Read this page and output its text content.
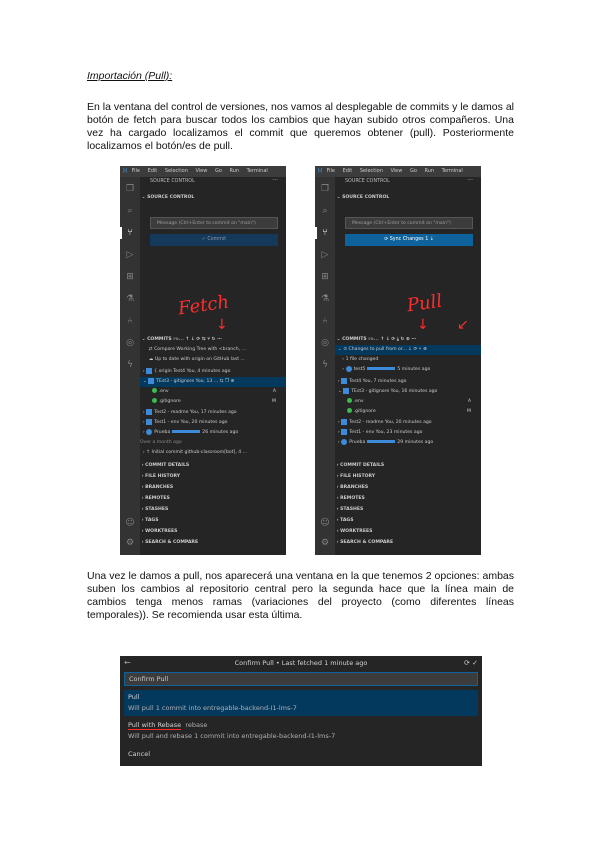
Importación (Pull):
En la ventana del control de versiones, nos vamos al desplegable de commits y le damos al botón de fetch para buscar todos los cambios que hayan subido otros compañeros. Una vez ha cargado localizamos el commit que queremos obtener (pull). Posteriormente localizamos el botón/es de pull.
⟩⟨ File Edit Selection View Go Run Terminal
❐
⌕
⑂
▷
⊞
⚗
⑃
◎
ϟ
☺
⚙
SOURCE CONTROL	···
⌄ SOURCE CONTROL
Message (Ctrl+Enter to commit on "main")
✓ Commit
Fetch
↓
⌄ COMMITS ro... ↑ ↓ ⟳ ⇆ ⑂ ↻ ⋯
⇄ Compare Working Tree with <branch, ...
☁ Up to date with origin on GitHub last ...
› { origin Test4 You, 4 minutes ago
⌄ TEst3 - gitignore You, 13 ... ⇆ ❐ ⊕
.env	A
.gitignore	M
› Test2 - readme You, 17 minutes ago
› Test1 - env You, 20 minutes ago
› Prueba	26 minutes ago
Over a month ago
› ↑ Initial commit github-classroom[bot], 4 ...
› COMMIT DETAILS
› FILE HISTORY
› BRANCHES
› REMOTES
› STASHES
› TAGS
› WORKTREES
› SEARCH & COMPARE
⟩⟨ File Edit Selection View Go Run Terminal
❐
⌕
⑂
▷
⊞
⚗
⑃
◎
ϟ
☺
⚙
SOURCE CONTROL	···
⌄ SOURCE CONTROL
Message (Ctrl+Enter to commit on "main")
⟳ Sync Changes 1 ↓
Pull
↓ ↙
⌄ COMMITS ro... ↑ ↓ ⟳ ⤓ ↻ ⊕ ⋯
⌄ ⊙ Changes to pull from or... ↓ ⟳ ⑂ ⊕
› 1 file changed
› test5	5 minutes ago
› Test4 You, 7 minutes ago
⌄ TEst3 - gitignore You, 16 minutes ago
.env	A
.gitignore	M
› Test2 - readme You, 20 minutes ago
› Test1 - env You, 23 minutes ago
› Prueba	29 minutes ago
› COMMIT DETAILS
› FILE HISTORY
› BRANCHES
› REMOTES
› STASHES
› TAGS
› WORKTREES
› SEARCH & COMPARE
Una vez le damos a pull, nos aparecerá una ventana en la que tenemos 2 opciones: ambas suben los cambios al repositorio central pero la segunda hace que la línea main de cambios tenga menos ramas (variaciones del proyecto (como diferentes líneas temporales)). Se recomienda usar esta última.
←	Confirm Pull • Last fetched 1 minute ago	⟳ ✓
Confirm Pull
Pull
Will pull 1 commit into entregable-backend-I1-lms-7
Pull with Rebase rebase
Will pull and rebase 1 commit into entregable-backend-I1-lms-7
Cancel
